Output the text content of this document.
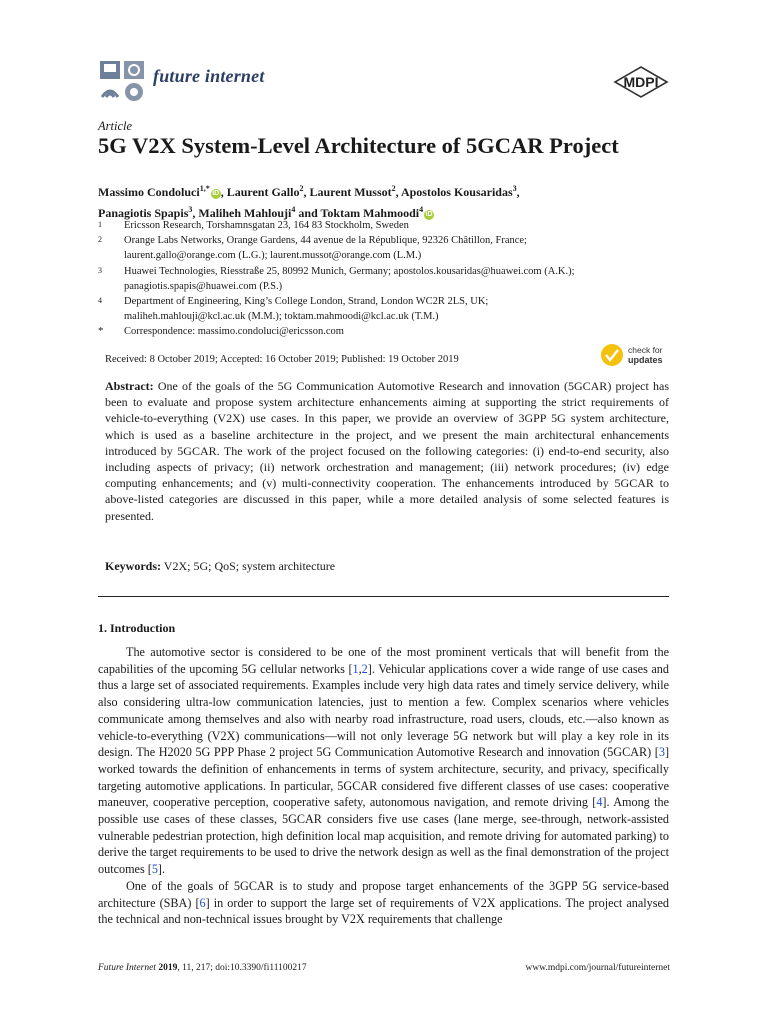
future internet	MDPI
Article
5G V2X System-Level Architecture of 5GCAR Project
Massimo Condoluci$^{1,*}$iD , Laurent Gallo$^2$, Laurent Mussot$^2$, Apostolos Kousaridas$^3$,
Panagiotis Spapis$^3$, Maliheh Mahlouji$^4$ and Toktam Mahmoodi$^4$iD
1	Ericsson Research, Torshamnsgatan 23, 164 83 Stockholm, Sweden
2	Orange Labs Networks, Orange Gardens, 44 avenue de la République, 92326 Châtillon, France;
laurent.gallo@orange.com (L.G.); laurent.mussot@orange.com (L.M.)
3	Huawei Technologies, Riesstraße 25, 80992 Munich, Germany; apostolos.kousaridas@huawei.com (A.K.);
panagiotis.spapis@huawei.com (P.S.)
4	Department of Engineering, King’s College London, Strand, London WC2R 2LS, UK;
maliheh.mahlouji@kcl.ac.uk (M.M.); toktam.mahmoodi@kcl.ac.uk (T.M.)
*	Correspondence: massimo.condoluci@ericsson.com
Received: 8 October 2019; Accepted: 16 October 2019; Published: 19 October 2019
check for
updates
Abstract: One of the goals of the 5G Communication Automotive Research and innovation (5GCAR) project has been to evaluate and propose system architecture enhancements aiming at supporting the strict requirements of vehicle-to-everything (V2X) use cases. In this paper, we provide an overview of 3GPP 5G system architecture, which is used as a baseline architecture in the project, and we present the main architectural enhancements introduced by 5GCAR. The work of the project focused on the following categories: (i) end-to-end security, also including aspects of privacy; (ii) network orchestration and management; (iii) network procedures; (iv) edge computing enhancements; and (v) multi-connectivity cooperation. The enhancements introduced by 5GCAR to above-listed categories are discussed in this paper, while a more detailed analysis of some selected features is presented.
Keywords: V2X; 5G; QoS; system architecture
1. Introduction

The automotive sector is considered to be one of the most prominent verticals that will benefit from the capabilities of the upcoming 5G cellular networks [1,2]. Vehicular applications cover a wide range of use cases and thus a large set of associated requirements. Examples include very high data rates and timely service delivery, while also considering ultra-low communication latencies, just to mention a few. Complex scenarios where vehicles communicate among themselves and also with nearby road infrastructure, road users, clouds, etc.—also known as vehicle-to-everything (V2X) communications—will not only leverage 5G network but will play a key role in its design. The H2020 5G PPP Phase 2 project 5G Communication Automotive Research and innovation (5GCAR) [3] worked towards the definition of enhancements in terms of system architecture, security, and privacy, specifically targeting automotive applications. In particular, 5GCAR considered five different classes of use cases: cooperative maneuver, cooperative perception, cooperative safety, autonomous navigation, and remote driving [4]. Among the possible use cases of these classes, 5GCAR considers five use cases (lane merge, see-through, network-assisted vulnerable pedestrian protection, high definition local map acquisition, and remote driving for automated parking) to derive the target requirements to be used to drive the network design as well as the final demonstration of the project outcomes [5].

One of the goals of 5GCAR is to study and propose target enhancements of the 3GPP 5G service-based architecture (SBA) [6] in order to support the large set of requirements of V2X applications. The project analysed the technical and non-technical issues brought by V2X requirements that challenge

Future Internet 2019, 11, 217; doi:10.3390/fi11100217	www.mdpi.com/journal/futureinternet
